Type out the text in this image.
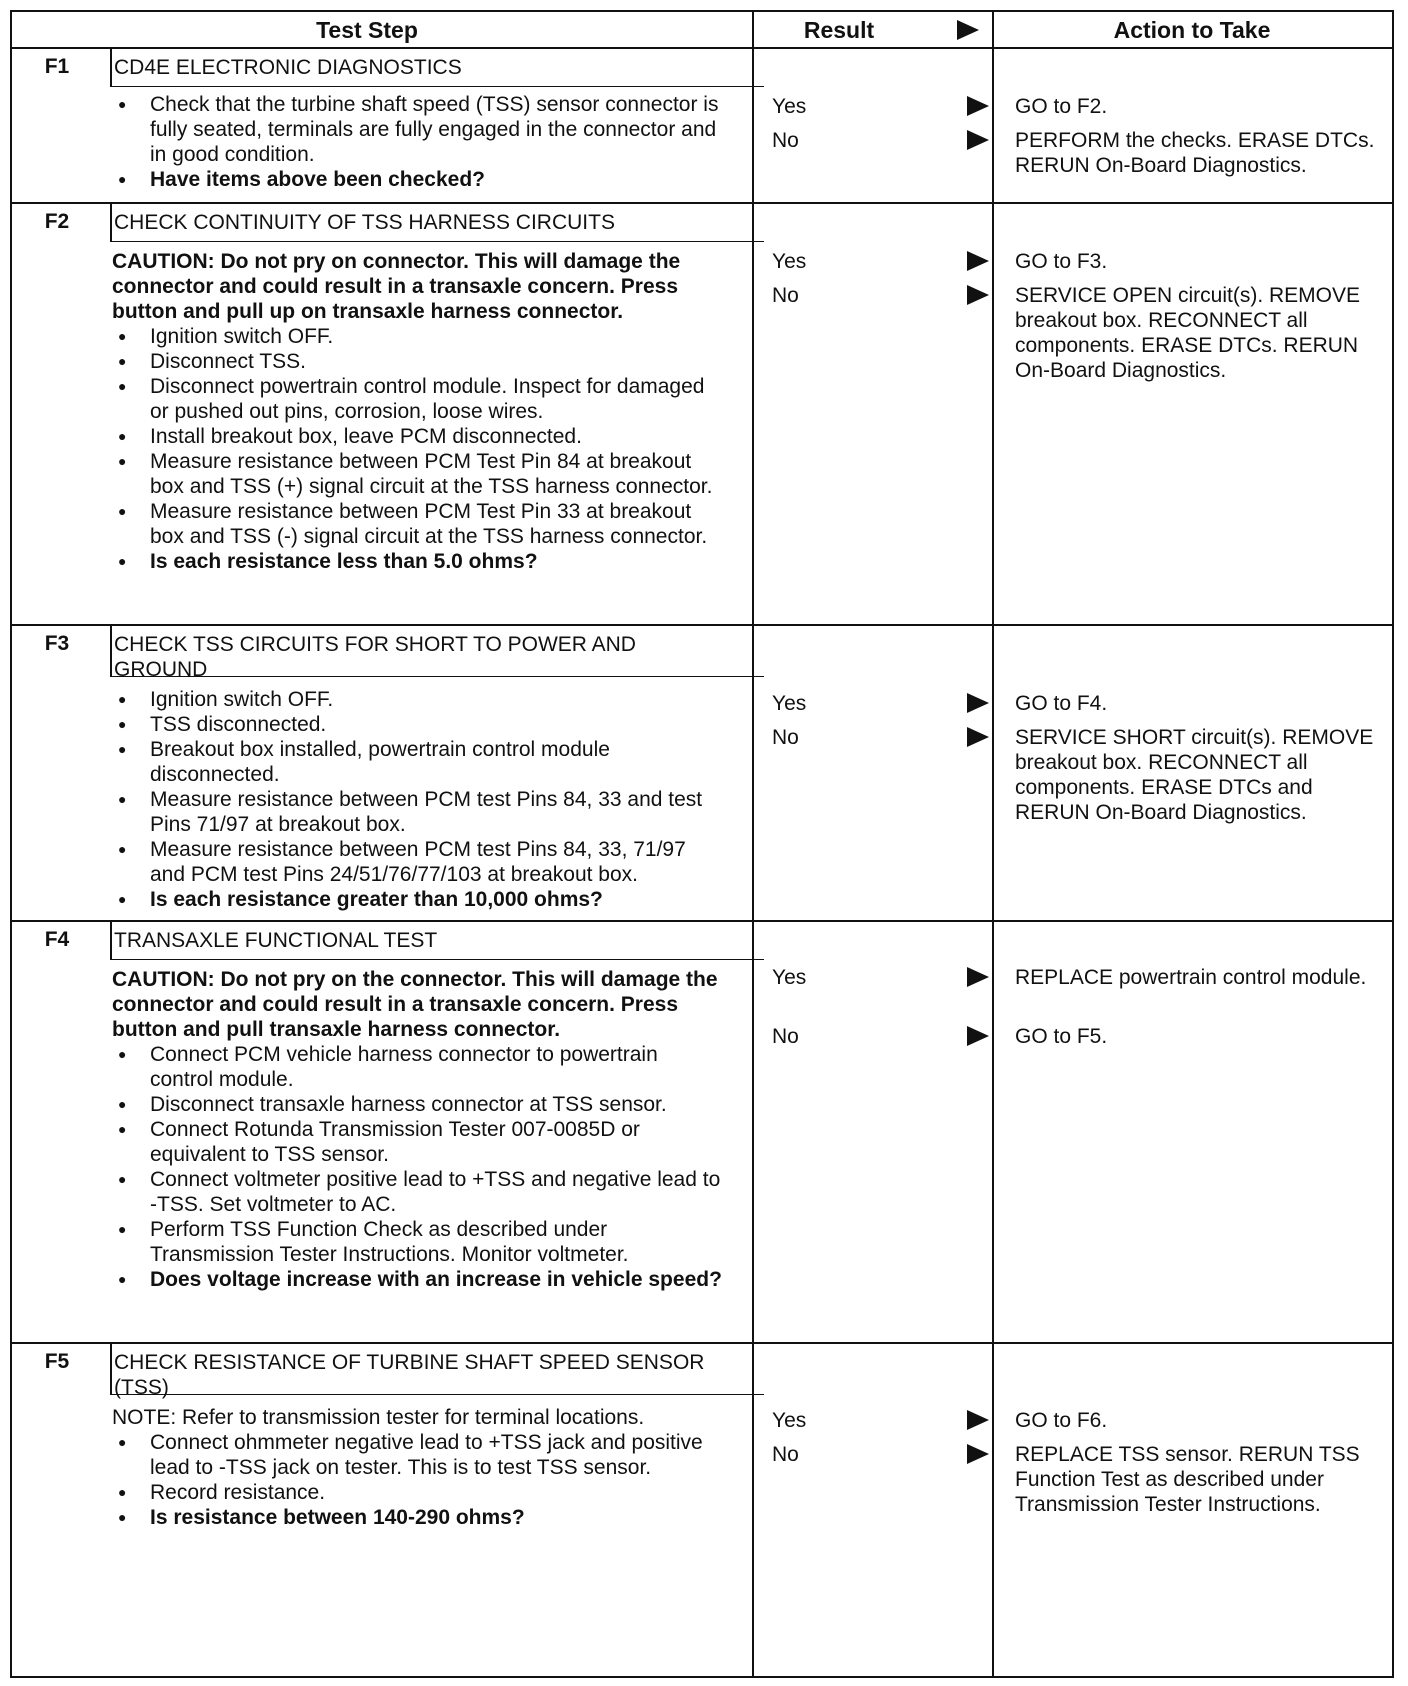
Test Step	Result	Action to Take
F1	CD4E ELECTRONIC DIAGNOSTICS

● Check that the turbine shaft speed (TSS) sensor connector is fully seated, terminals are fully engaged in the connector and in good condition.

● Have items above been checked?

Yes	GO to F2.
No	PERFORM the checks. ERASE DTCs. RERUN On-Board Diagnostics.
F2	CHECK CONTINUITY OF TSS HARNESS CIRCUITS

CAUTION: Do not pry on connector. This will damage the connector and could result in a transaxle concern. Press button and pull up on transaxle harness connector.

● Ignition switch OFF.

● Disconnect TSS.

● Disconnect powertrain control module. Inspect for damaged or pushed out pins, corrosion, loose wires.

● Install breakout box, leave PCM disconnected.

● Measure resistance between PCM Test Pin 84 at breakout box and TSS (+) signal circuit at the TSS harness connector.

● Measure resistance between PCM Test Pin 33 at breakout box and TSS (-) signal circuit at the TSS harness connector.

● Is each resistance less than 5.0 ohms?

Yes	GO to F3.
No	SERVICE OPEN circuit(s). REMOVE breakout box. RECONNECT all components. ERASE DTCs. RERUN On-Board Diagnostics.
F3	CHECK TSS CIRCUITS FOR SHORT TO POWER AND GROUND

● Ignition switch OFF.

● TSS disconnected.

● Breakout box installed, powertrain control module disconnected.

● Measure resistance between PCM test Pins 84, 33 and test Pins 71/97 at breakout box.

● Measure resistance between PCM test Pins 84, 33, 71/97 and PCM test Pins 24/51/76/77/103 at breakout box.

● Is each resistance greater than 10,000 ohms?

Yes	GO to F4.
No	SERVICE SHORT circuit(s). REMOVE breakout box. RECONNECT all components. ERASE DTCs and RERUN On-Board Diagnostics.
F4	TRANSAXLE FUNCTIONAL TEST

CAUTION: Do not pry on the connector. This will damage the connector and could result in a transaxle concern. Press button and pull transaxle harness connector.

● Connect PCM vehicle harness connector to powertrain control module.

● Disconnect transaxle harness connector at TSS sensor.

● Connect Rotunda Transmission Tester 007-0085D or equivalent to TSS sensor.

● Connect voltmeter positive lead to +TSS and negative lead to -TSS. Set voltmeter to AC.

● Perform TSS Function Check as described under Transmission Tester Instructions. Monitor voltmeter.

● Does voltage increase with an increase in vehicle speed?

Yes	REPLACE powertrain control module.
No	GO to F5.
F5	CHECK RESISTANCE OF TURBINE SHAFT SPEED SENSOR (TSS)

NOTE: Refer to transmission tester for terminal locations.

● Connect ohmmeter negative lead to +TSS jack and positive lead to -TSS jack on tester. This is to test TSS sensor.

● Record resistance.

● Is resistance between 140-290 ohms?

Yes	GO to F6.
No	REPLACE TSS sensor. RERUN TSS Function Test as described under Transmission Tester Instructions.
